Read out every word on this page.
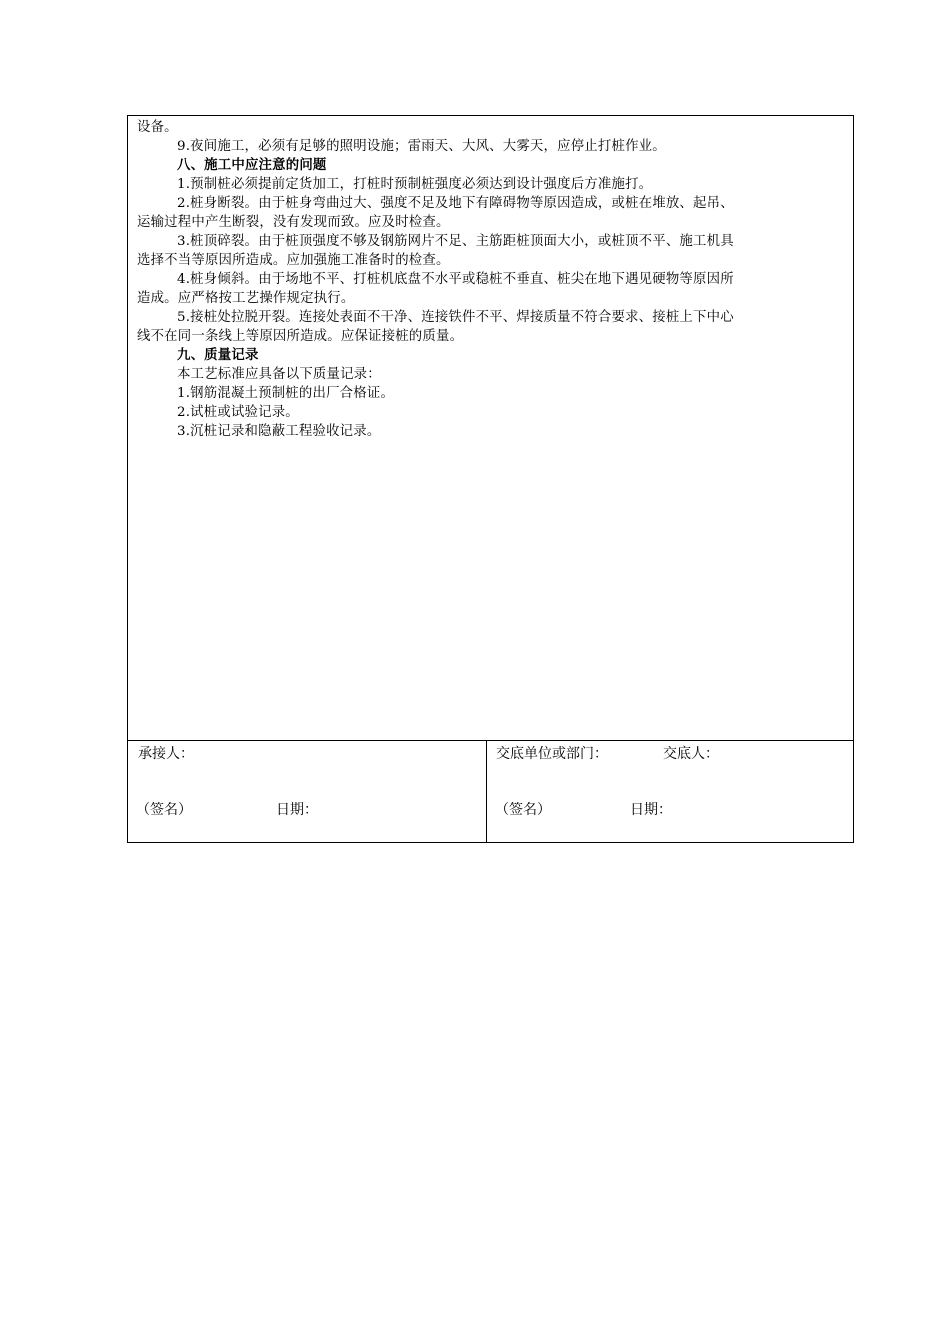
设备。
9.夜间施工，必须有足够的照明设施；雷雨天、大风、大雾天，应停止打桩作业。
八、施工中应注意的问题
1.预制桩必须提前定货加工，打桩时预制桩强度必须达到设计强度后方准施打。
2.桩身断裂。由于桩身弯曲过大、强度不足及地下有障碍物等原因造成，或桩在堆放、起吊、
运输过程中产生断裂，没有发现而致。应及时检查。
3.桩顶碎裂。由于桩顶强度不够及钢筋网片不足、主筋距桩顶面大小，或桩顶不平、施工机具
选择不当等原因所造成。应加强施工准备时的检查。
4.桩身倾斜。由于场地不平、打桩机底盘不水平或稳桩不垂直、桩尖在地下遇见硬物等原因所
造成。应严格按工艺操作规定执行。
5.接桩处拉脱开裂。连接处表面不干净、连接铁件不平、焊接质量不符合要求、接桩上下中心
线不在同一条线上等原因所造成。应保证接桩的质量。
九、质量记录
本工艺标准应具备以下质量记录：
1.钢筋混凝土预制桩的出厂合格证。
2.试桩或试验记录。
3.沉桩记录和隐蔽工程验收记录。
承接人：
（签名）	日期：
交底单位或部门：	交底人：
（签名）	日期：
